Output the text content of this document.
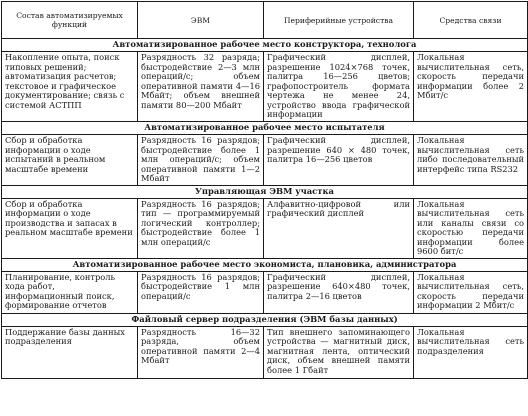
Состав автоматизируемых функций	ЭВМ	Периферийные устройства	Средства связи
Автоматизированное рабочее место конструктора, технолога			
Накопление опыта, поиск типовых решений; автоматизация расчетов; текстовое и графическое документирование; связь с системой АСТПП	Разрядность 32 разряда; быстродействие 2—3 млн операций/с; объем оперативной памяти 4—16 Мбайт; объем внешней памяти 80—200 Мбайт	Графический дисплей, разрешение 1024×768 точек, палитра 16—256 цветов; графопостроитель формата чертежа не менее 24, устройство ввода графической информации	Локальная вычислительная сеть, скорость передачи информации более 2 Мбит/с
Автоматизированное рабочее место испытателя			
Сбор и обработка информации о ходе испытаний в реальном масштабе времени	Разрядность 16 разрядов; быстродействие более 1 млн операций/с; объем оперативной памяти 1—2 Мбайт	Графический дисплей, разрешение 640 × 480 точек, палитра 16—256 цветов	Локальная вычислительная сеть либо последовательный интерфейс типа RS232
Управляющая ЭВМ участка			
Сбор и обработка информации о ходе производства и запасах в реальном масштабе времени	Разрядность 16 разрядов; тип — программируемый логический контроллер; быстродействие более 1 млн операций/с	Алфавитно-цифровой или графический дисплей	Локальная вычислительная сеть или каналы связи со скоростью передачи информации более 9600 бит/с
Автоматизированное рабочее место экономиста, плановика, администратора			
Планирование, контроль хода работ, информационный поиск, формирование отчетов	Разрядность 16 разрядов; быстродействие 1 млн операций/с	Графический дисплей, разрешение 640×480 точек, палитра 2—16 цветов	Локальная вычислительная сеть, скорость передачи информации 2 Мбит/с
Файловый сервер подразделения (ЭВМ базы данных)			
Поддержание базы данных подразделения	Разрядность 16—32 разряда, объем оперативной памяти 2—4 Мбайт	Тип внешнего запоминающего устройства — магнитный диск, магнитная лента, оптический диск, объем внешней памяти более 1 Гбайт	Локальная вычислительная сеть подразделения
